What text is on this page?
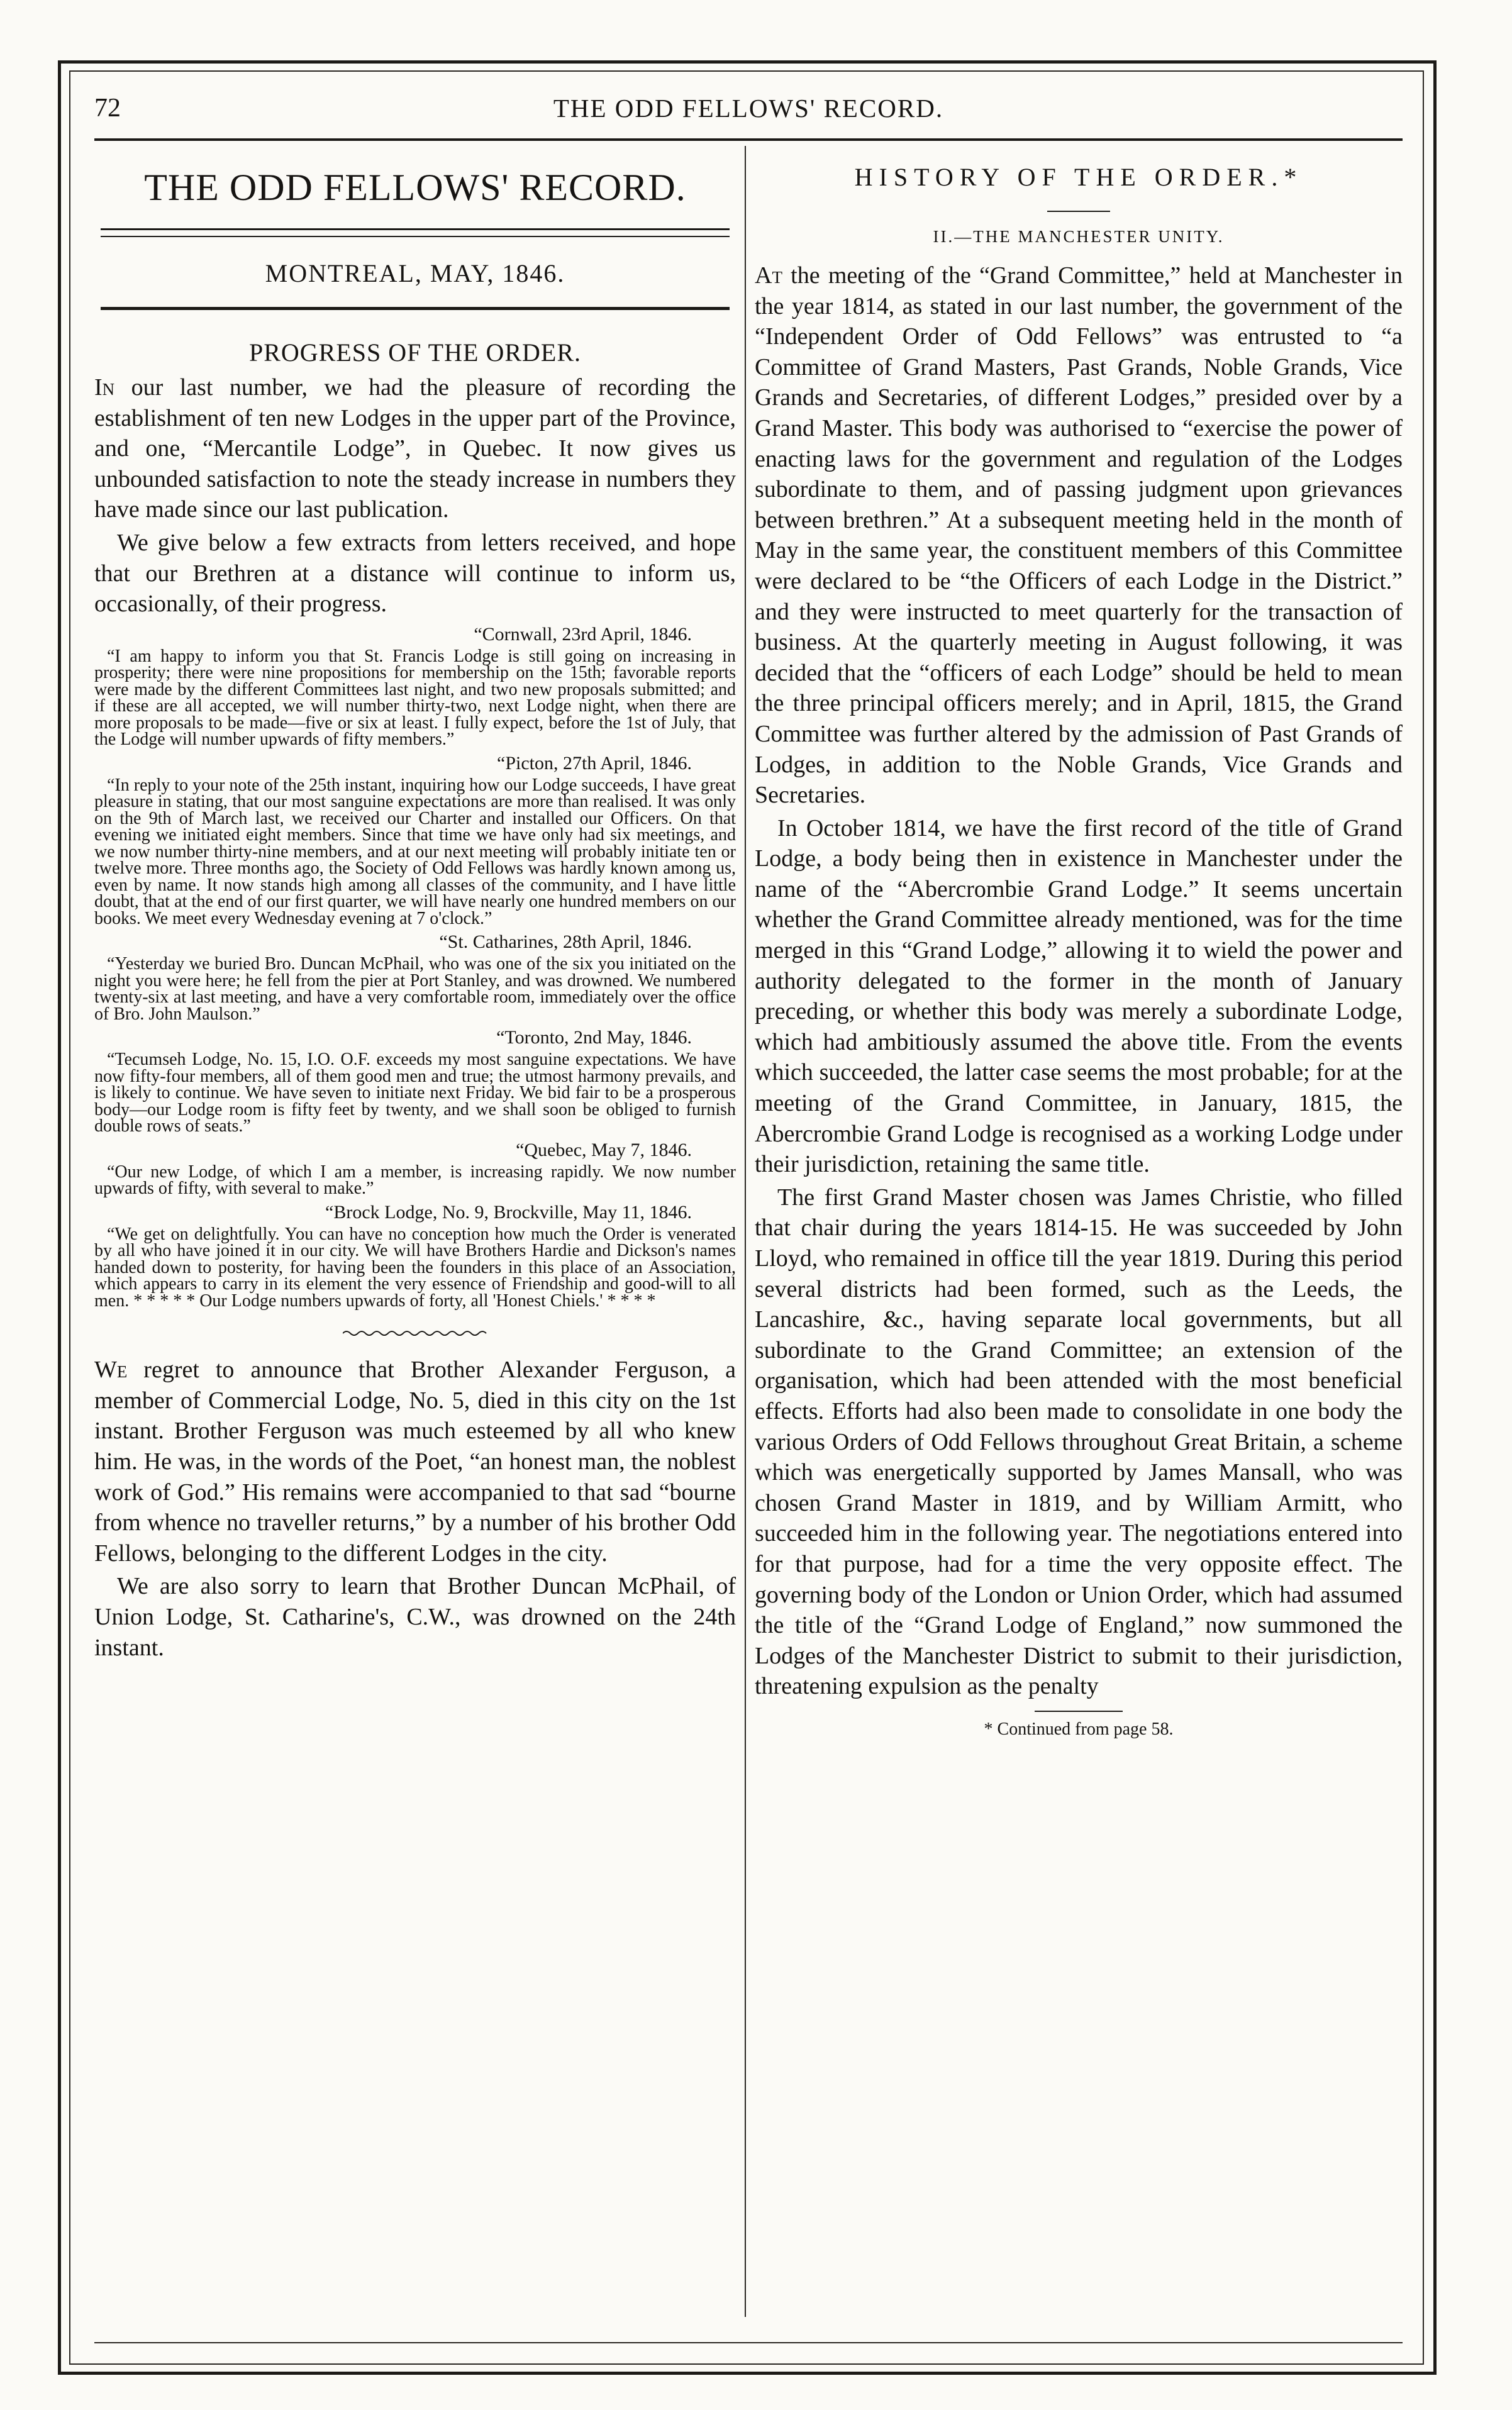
72	THE ODD FELLOWS' RECORD.
THE ODD FELLOWS' RECORD.
MONTREAL, MAY, 1846.
PROGRESS OF THE ORDER.

In our last number, we had the pleasure of recording the establishment of ten new Lodges in the upper part of the Province, and one, “Mercantile Lodge”, in Quebec. It now gives us unbounded satisfaction to note the steady increase in numbers they have made since our last publication.

We give below a few extracts from letters received, and hope that our Brethren at a distance will continue to inform us, occasionally, of their progress.

“Cornwall, 23rd April, 1846.
“I am happy to inform you that St. Francis Lodge is still going on increasing in prosperity; there were nine propositions for membership on the 15th; favorable reports were made by the different Committees last night, and two new proposals submitted; and if these are all accepted, we will number thirty-two, next Lodge night, when there are more proposals to be made—five or six at least. I fully expect, before the 1st of July, that the Lodge will number upwards of fifty members.”
“Picton, 27th April, 1846.
“In reply to your note of the 25th instant, inquiring how our Lodge succeeds, I have great pleasure in stating, that our most sanguine expectations are more than realised. It was only on the 9th of March last, we received our Charter and installed our Officers. On that evening we initiated eight members. Since that time we have only had six meetings, and we now number thirty-nine members, and at our next meeting will probably initiate ten or twelve more. Three months ago, the Society of Odd Fellows was hardly known among us, even by name. It now stands high among all classes of the community, and I have little doubt, that at the end of our first quarter, we will have nearly one hundred members on our books. We meet every Wednesday evening at 7 o'clock.”
“St. Catharines, 28th April, 1846.
“Yesterday we buried Bro. Duncan McPhail, who was one of the six you initiated on the night you were here; he fell from the pier at Port Stanley, and was drowned. We numbered twenty-six at last meeting, and have a very comfortable room, immediately over the office of Bro. John Maulson.”
“Toronto, 2nd May, 1846.
“Tecumseh Lodge, No. 15, I.O. O.F. exceeds my most sanguine expectations. We have now fifty-four members, all of them good men and true; the utmost harmony prevails, and is likely to continue. We have seven to initiate next Friday. We bid fair to be a prosperous body—our Lodge room is fifty feet by twenty, and we shall soon be obliged to furnish double rows of seats.”
“Quebec, May 7, 1846.
“Our new Lodge, of which I am a member, is increasing rapidly. We now number upwards of fifty, with several to make.”
“Brock Lodge, No. 9, Brockville, May 11, 1846.
“We get on delightfully. You can have no conception how much the Order is venerated by all who have joined it in our city. We will have Brothers Hardie and Dickson's names handed down to posterity, for having been the founders in this place of an Association, which appears to carry in its element the very essence of Friendship and good-will to all men. * * * * * Our Lodge numbers upwards of forty, all 'Honest Chiels.' * * * *

We regret to announce that Brother Alexander Ferguson, a member of Commercial Lodge, No. 5, died in this city on the 1st instant. Brother Ferguson was much esteemed by all who knew him. He was, in the words of the Poet, “an honest man, the noblest work of God.” His remains were accompanied to that sad “bourne from whence no traveller returns,” by a number of his brother Odd Fellows, belonging to the different Lodges in the city.

We are also sorry to learn that Brother Duncan McPhail, of Union Lodge, St. Catharine's, C.W., was drowned on the 24th instant.

HISTORY OF THE ORDER.*
II.—THE MANCHESTER UNITY.

At the meeting of the “Grand Committee,” held at Manchester in the year 1814, as stated in our last number, the government of the “Independent Order of Odd Fellows” was entrusted to “a Committee of Grand Masters, Past Grands, Noble Grands, Vice Grands and Secretaries, of different Lodges,” presided over by a Grand Master. This body was authorised to “exercise the power of enacting laws for the government and regulation of the Lodges subordinate to them, and of passing judgment upon grievances between brethren.” At a subsequent meeting held in the month of May in the same year, the constituent members of this Committee were declared to be “the Officers of each Lodge in the District.” and they were instructed to meet quarterly for the transaction of business. At the quarterly meeting in August following, it was decided that the “officers of each Lodge” should be held to mean the three principal officers merely; and in April, 1815, the Grand Committee was further altered by the admission of Past Grands of Lodges, in addition to the Noble Grands, Vice Grands and Secretaries.

In October 1814, we have the first record of the title of Grand Lodge, a body being then in existence in Manchester under the name of the “Abercrombie Grand Lodge.” It seems uncertain whether the Grand Committee already mentioned, was for the time merged in this “Grand Lodge,” allowing it to wield the power and authority delegated to the former in the month of January preceding, or whether this body was merely a subordinate Lodge, which had ambitiously assumed the above title. From the events which succeeded, the latter case seems the most probable; for at the meeting of the Grand Committee, in January, 1815, the Abercrombie Grand Lodge is recognised as a working Lodge under their jurisdiction, retaining the same title.

The first Grand Master chosen was James Christie, who filled that chair during the years 1814-15. He was succeeded by John Lloyd, who remained in office till the year 1819. During this period several districts had been formed, such as the Leeds, the Lancashire, &c., having separate local governments, but all subordinate to the Grand Committee; an extension of the organisation, which had been attended with the most beneficial effects. Efforts had also been made to consolidate in one body the various Orders of Odd Fellows throughout Great Britain, a scheme which was energetically supported by James Mansall, who was chosen Grand Master in 1819, and by William Armitt, who succeeded him in the following year. The negotiations entered into for that purpose, had for a time the very opposite effect. The governing body of the London or Union Order, which had assumed the title of the “Grand Lodge of England,” now summoned the Lodges of the Manchester District to submit to their jurisdiction, threatening expulsion as the penalty

* Continued from page 58.
